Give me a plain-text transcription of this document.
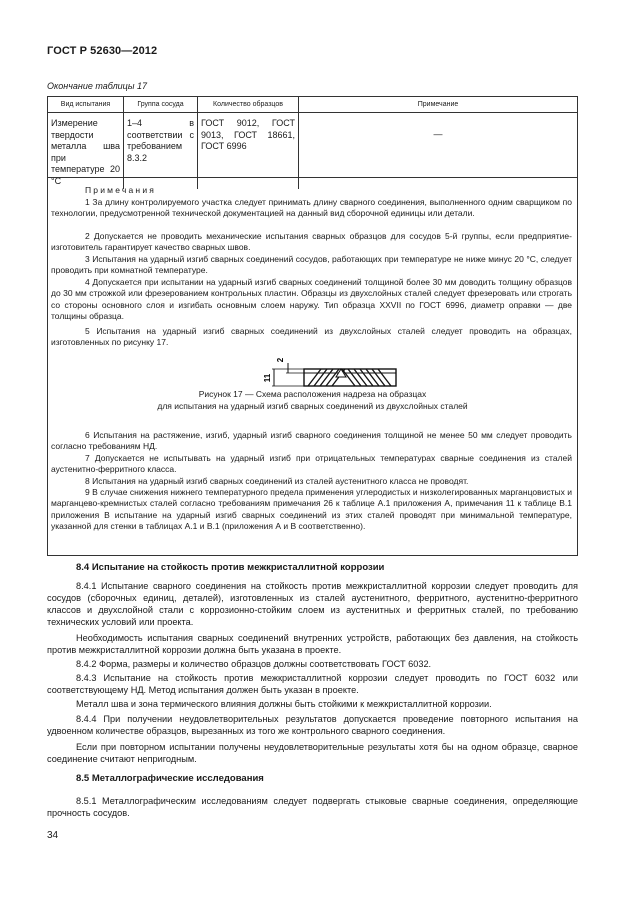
ГОСТ Р 52630—2012
Окончание таблицы 17
Вид испытания	Группа сосуда	Количество образцов	Примечание
Измерение твердости металла шва при температуре 20 °C	1–4 в соответствии с требованием 8.3.2	ГОСТ 9012, ГОСТ 9013, ГОСТ 18661, ГОСТ 6996	—
Примечания
1 За длину контролируемого участка следует принимать длину сварного соединения, выполненного одним сварщиком по технологии, предусмотренной технической документацией на данный вид сборочной единицы или детали.
2 Допускается не проводить механические испытания сварных образцов для сосудов 5-й группы, если предприятие-изготовитель гарантирует качество сварных швов.
3 Испытания на ударный изгиб сварных соединений сосудов, работающих при температуре не ниже минус 20 °C, следует проводить при комнатной температуре.
4 Допускается при испытании на ударный изгиб сварных соединений толщиной более 30 мм доводить толщину образцов до 30 мм строжкой или фрезерованием контрольных пластин. Образцы из двухслойных сталей следует фрезеровать или строгать со стороны основного слоя и изгибать основным слоем наружу. Тип образца XXVII по ГОСТ 6996, диаметр оправки — две толщины образца.
5 Испытания на ударный изгиб сварных соединений из двухслойных сталей следует проводить на образцах, изготовленных по рисунку 17.
2
11
Рисунок 17 — Схема расположения надреза на образцах
для испытания на ударный изгиб сварных соединений из двухслойных сталей
6 Испытания на растяжение, изгиб, ударный изгиб сварного соединения толщиной не менее 50 мм следует проводить согласно требованиям НД.
7 Допускается не испытывать на ударный изгиб при отрицательных температурах сварные соединения из сталей аустенитно-ферритного класса.
8 Испытания на ударный изгиб сварных соединений из сталей аустенитного класса не проводят.
9 В случае снижения нижнего температурного предела применения углеродистых и низколегированных марганцовистых и марганцево-кремнистых сталей согласно требованиям примечания 26 к таблице А.1 приложения А, примечания 11 к таблице В.1 приложения В испытание на ударный изгиб сварных соединений из этих сталей проводят при минимальной температуре, указанной для стенки в таблицах А.1 и В.1 (приложения А и В соответственно).
8.4 Испытание на стойкость против межкристаллитной коррозии
8.4.1 Испытание сварного соединения на стойкость против межкристаллитной коррозии следует проводить для сосудов (сборочных единиц, деталей), изготовленных из сталей аустенитного, ферритного, аустенитно-ферритного классов и двухслойной стали с коррозионно-стойким слоем из аустенитных и ферритных сталей, по требованию технических условий или проекта.
Необходимость испытания сварных соединений внутренних устройств, работающих без давления, на стойкость против межкристаллитной коррозии должна быть указана в проекте.
8.4.2 Форма, размеры и количество образцов должны соответствовать ГОСТ 6032.
8.4.3 Испытание на стойкость против межкристаллитной коррозии следует проводить по ГОСТ 6032 или соответствующему НД. Метод испытания должен быть указан в проекте.
Металл шва и зона термического влияния должны быть стойкими к межкристаллитной коррозии.
8.4.4 При получении неудовлетворительных результатов допускается проведение повторного испытания на удвоенном количестве образцов, вырезанных из того же контрольного сварного соединения.
Если при повторном испытании получены неудовлетворительные результаты хотя бы на одном образце, сварное соединение считают непригодным.
8.5 Металлографические исследования
8.5.1 Металлографическим исследованиям следует подвергать стыковые сварные соединения, определяющие прочность сосудов.
34
